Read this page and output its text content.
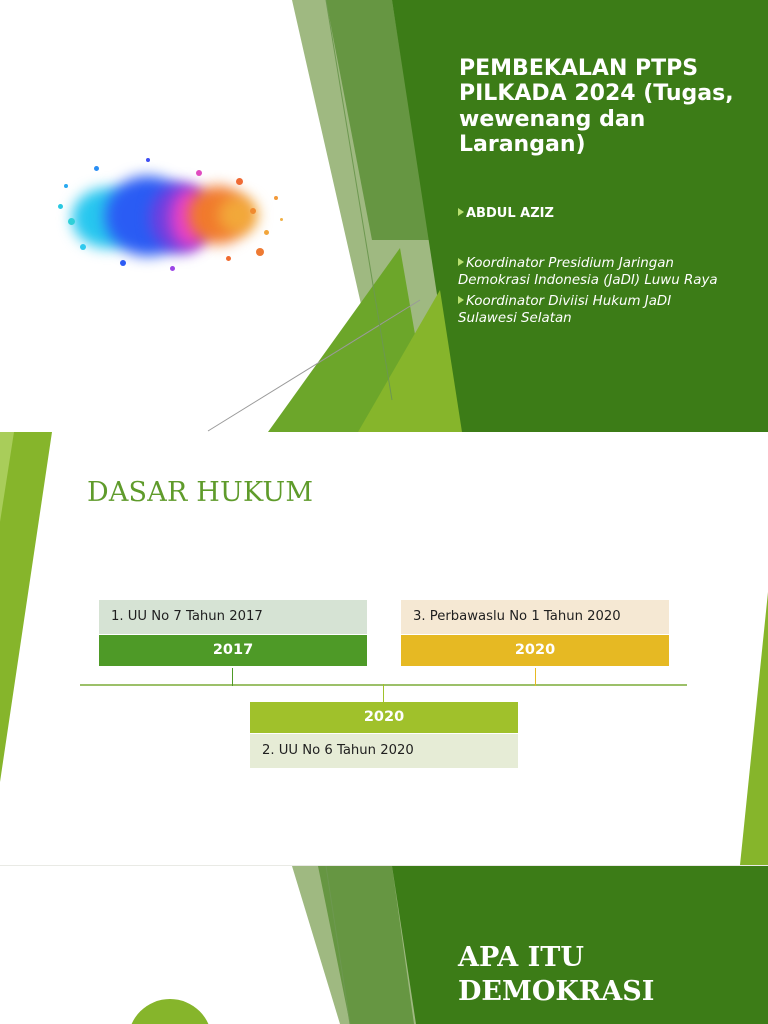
PEMBEKALAN PTPS PILKADA 2024 (Tugas, wewenang dan Larangan)
ABDUL AZIZ
Koordinator Presidium Jaringan Demokrasi Indonesia (JaDI) Luwu Raya
Koordinator Diviisi Hukum JaDI Sulawesi Selatan
DASAR HUKUM
1. UU No 7 Tahun 2017
2017
3. Perbawaslu No 1 Tahun 2020
2020
2020
2. UU No 6 Tahun 2020
APA ITU DEMOKRASI
